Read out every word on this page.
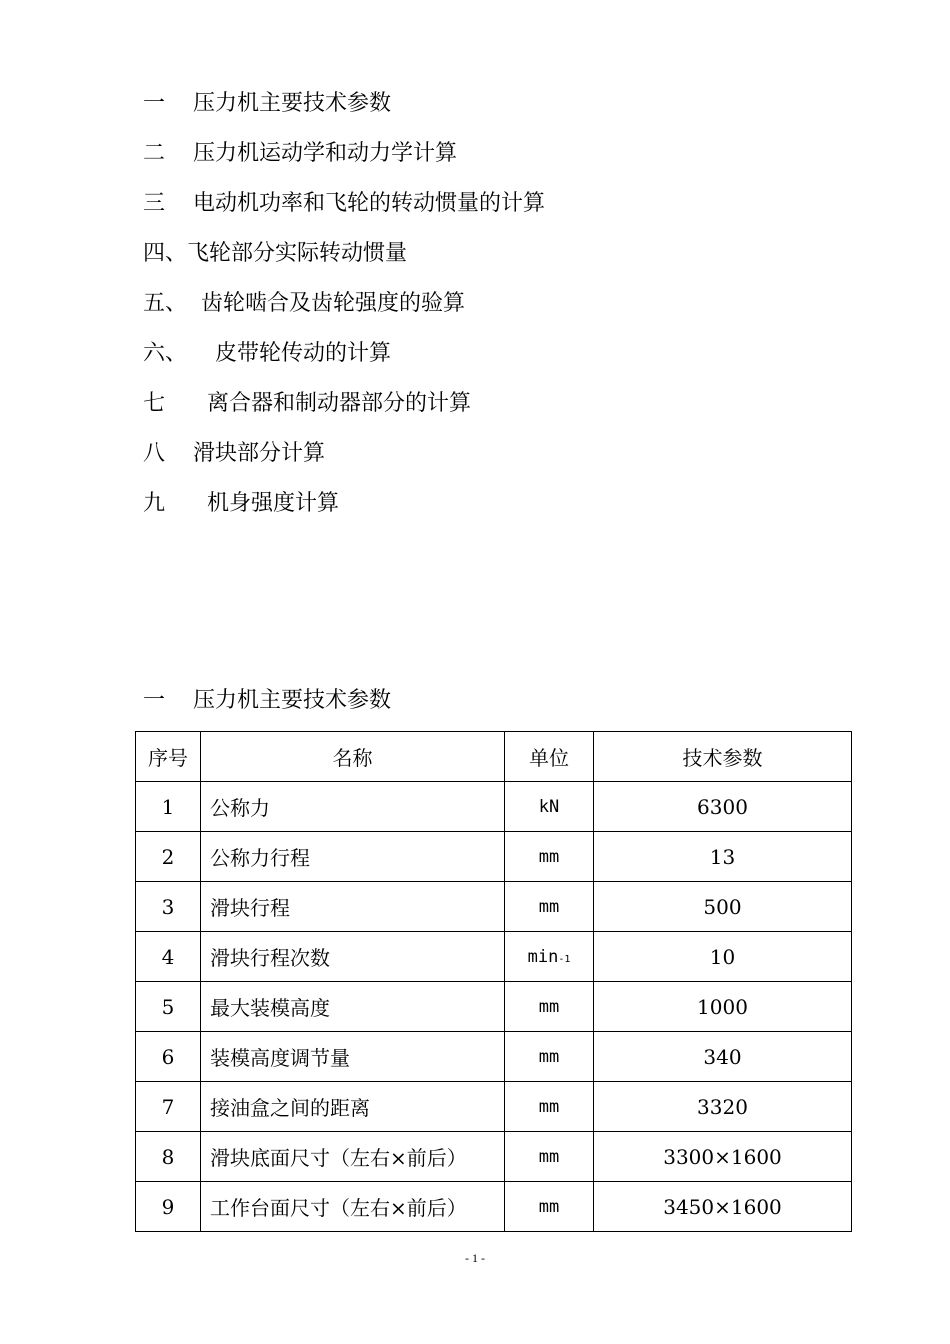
一    压力机主要技术参数
二    压力机运动学和动力学计算
三    电动机功率和飞轮的转动惯量的计算
四、飞轮部分实际转动惯量
五、  齿轮啮合及齿轮强度的验算
六、    皮带轮传动的计算
七      离合器和制动器部分的计算
八    滑块部分计算
九      机身强度计算
一    压力机主要技术参数
序号	名称	单位	技术参数
1	公称力	kN	6300
2	公称力行程	mm	13
3	滑块行程	mm	500
4	滑块行程次数	min-1	10
5	最大装模高度	mm	1000
6	装模高度调节量	mm	340
7	接油盒之间的距离	mm	3320
8	滑块底面尺寸（左右×前后）	mm	3300×1600
9	工作台面尺寸（左右×前后）	mm	3450×1600
- 1 -
